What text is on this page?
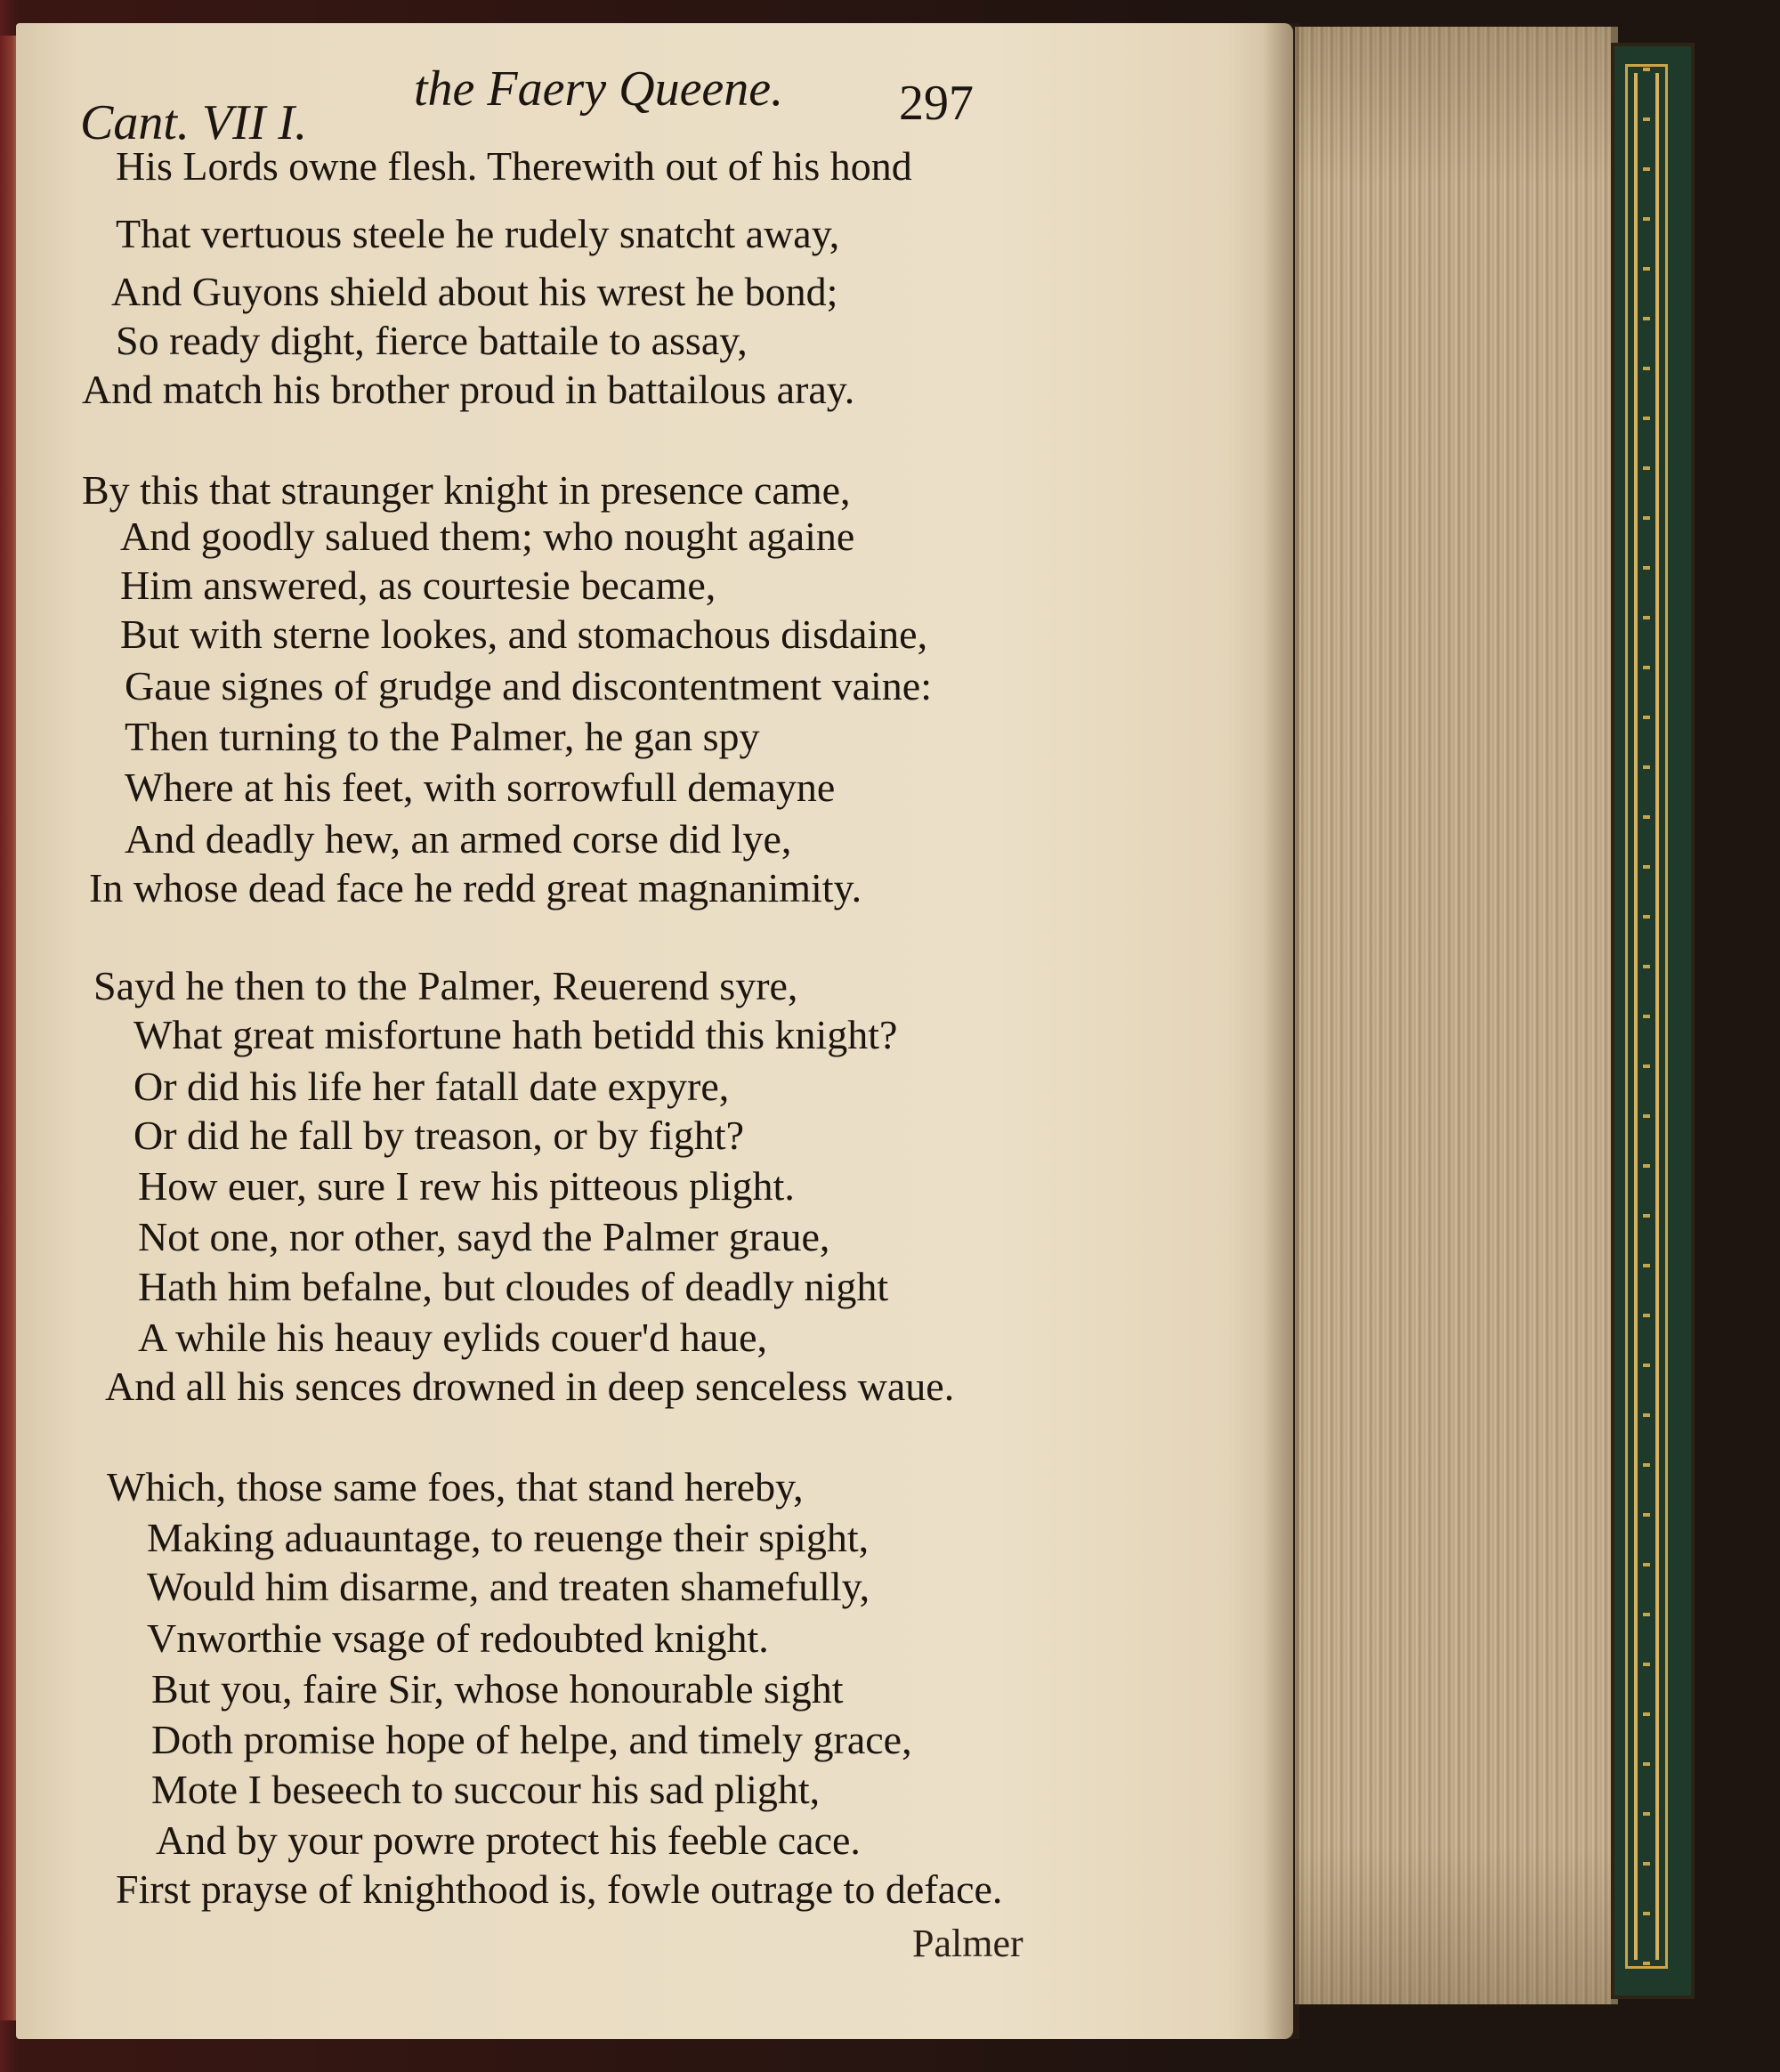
Cant. VII I.
the Faery Queene. 297
His Lords owne flesh. Therewith out of his hond
That vertuous steele he rudely snatcht away,
And Guyons shield about his wrest he bond;
So ready dight, fierce battaile to assay,
And match his brother proud in battailous aray.
By this that straunger knight in presence came,
And goodly salued them; who nought againe
Him answered, as courtesie became,
But with sterne lookes, and stomachous disdaine,
Gaue signes of grudge and discontentment vaine:
Then turning to the Palmer, he gan spy
Where at his feet, with sorrowfull demayne
And deadly hew, an armed corse did lye,
In whose dead face he redd great magnanimity.
Sayd he then to the Palmer, Reuerend syre,
What great misfortune hath betidd this knight?
Or did his life her fatall date expyre,
Or did he fall by treason, or by fight?
How euer, sure I rew his pitteous plight.
Not one, nor other, sayd the Palmer graue,
Hath him befalne, but cloudes of deadly night
A while his heauy eylids couer'd haue,
And all his sences drowned in deep senceless waue.
Which, those same foes, that stand hereby,
Making aduauntage, to reuenge their spight,
Would him disarme, and treaten shamefully,
Vnworthie vsage of redoubted knight.
But you, faire Sir, whose honourable sight
Doth promise hope of helpe, and timely grace,
Mote I beseech to succour his sad plight,
And by your powre protect his feeble cace.
First prayse of knighthood is, fowle outrage to deface.
Palmer
